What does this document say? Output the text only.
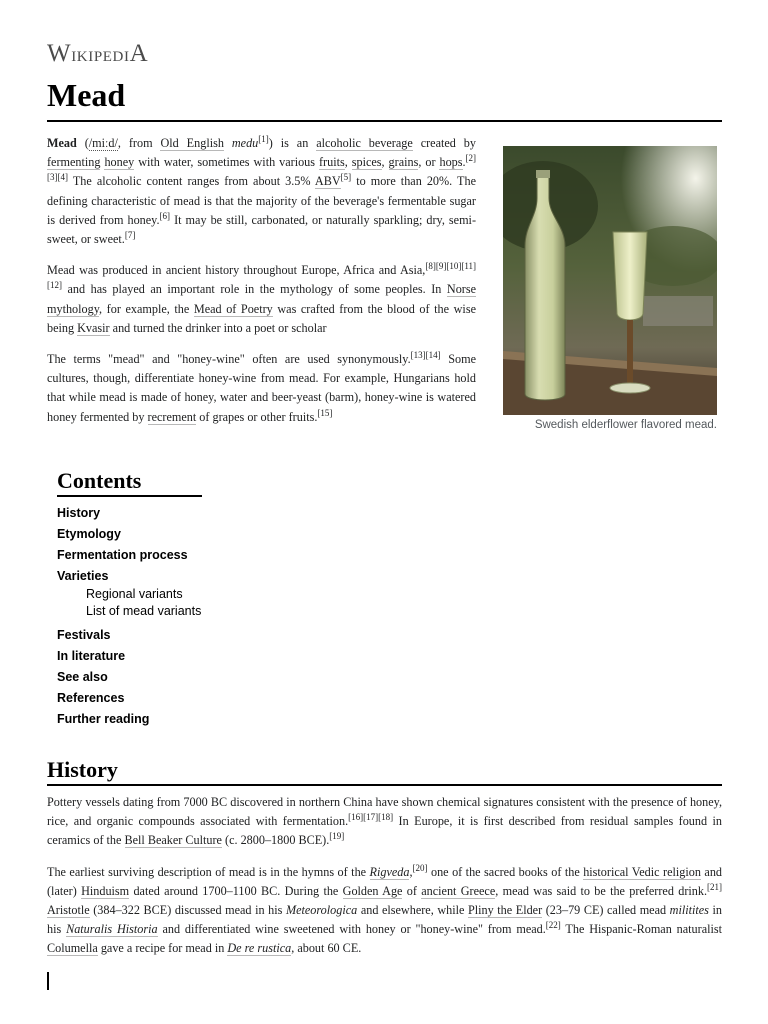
WikipediA
Mead

Mead (/miːd/, from Old English medu[1]) is an alcoholic beverage created by fermenting honey with water, sometimes with various fruits, spices, grains, or hops.[2][3][4] The alcoholic content ranges from about 3.5% ABV[5] to more than 20%. The defining characteristic of mead is that the majority of the beverage's fermentable sugar is derived from honey.[6] It may be still, carbonated, or naturally sparkling; dry, semi-sweet, or sweet.[7]

Mead was produced in ancient history throughout Europe, Africa and Asia,[8][9][10][11][12] and has played an important role in the mythology of some peoples. In Norse mythology, for example, the Mead of Poetry was crafted from the blood of the wise being Kvasir and turned the drinker into a poet or scholar

The terms "mead" and "honey-wine" often are used synonymously.[13][14] Some cultures, though, differentiate honey-wine from mead. For example, Hungarians hold that while mead is made of honey, water and beer-yeast (barm), honey-wine is watered honey fermented by recrement of grapes or other fruits.[15]

Swedish elderflower flavored mead.
Contents
History
Etymology
Fermentation process
Varieties
Regional variants
List of mead variants
Festivals
In literature
See also
References
Further reading
History

Pottery vessels dating from 7000 BC discovered in northern China have shown chemical signatures consistent with the presence of honey, rice, and organic compounds associated with fermentation.[16][17][18] In Europe, it is first described from residual samples found in ceramics of the Bell Beaker Culture (c. 2800–1800 BCE).[19]

The earliest surviving description of mead is in the hymns of the Rigveda,[20] one of the sacred books of the historical Vedic religion and (later) Hinduism dated around 1700–1100 BC. During the Golden Age of ancient Greece, mead was said to be the preferred drink.[21] Aristotle (384–322 BCE) discussed mead in his Meteorologica and elsewhere, while Pliny the Elder (23–79 CE) called mead militites in his Naturalis Historia and differentiated wine sweetened with honey or "honey-wine" from mead.[22] The Hispanic-Roman naturalist Columella gave a recipe for mead in De re rustica, about 60 CE.
